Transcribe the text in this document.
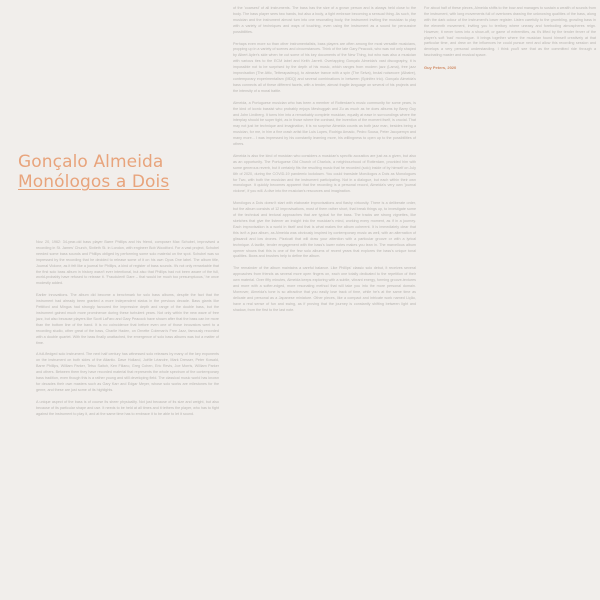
Gonçalo Almeida
Monólogos a Dois

Nov. 20, 1962: 34-year-old bass player Barre Phillips and his friend, composer Max Schubel, improvised a recording in St. James' Church, Sixtieth St. in London, with engineer Bob Woodford. For a vast project, Schubel needed some bass sounds and Phillips obliged by performing some solo material on the spot. Schubel was so impressed by the recording that he decided to release some of it on his own Opus One label. The album title, Journal Violone, as it felt like a journal for Phillips, a kind of register of bass sounds. It's not only remarkable that the first solo bass album in history wasn't ever intentional, but also that Phillips had not been aware of the full, world-probably have refused to release it. 'Fraudulent! Dare – that would be much too presumptuous,' he once modestly added.

Earlier innovations. The album did become a benchmark for solo bass albums, despite the fact that the instrument had already been granted a more independent status in the previous decade. Bass giants like Pettiford and Mingus had strongly favoured the impressive depth and range of the double bass, but the instrument gained much more prominence during these turbulent years. Not only within the new wave of free jazz, but also because players like Scott LaFaro and Gary Peacock have shown after that the bass can be more than the bottom line of the band. It is no coincidence that before even one of those innovators went to a recording studio, other great of the bass, Charlie Haden, on Ornette Coleman's Free Jazz, famously recorded with a double quartet. With the bass finally unattached, the emergence of solo bass albums was but a matter of time.

A full-fledged solo instrument. The next half century has witnessed solo releases by many of the key exponents on the instrument on both sides of the Atlantic. Dave Holland, Joëlle Léandre, Mark Dresser, Peter Kowald, Barre Phillips, William Parker, Tetsu Saitoh, Ken Filiano, Greg Cohen, Eric Revis, Joe Morris, William Parker and others. Between them they have recorded material that represents the whole spectrum of the contemporary bass tradition, even though this is a rather young and still developing field. The classical music world has known for decades their own masters such as Gary Karr and Edgar Meyer, whose solo works are milestones for the genre, and these are just some of its highlights.

A unique aspect of the bass is of course its sheer physicality. Not just because of its size and weight, but also because of its particular shape and use. It needs to be held at all times and it tethers the player, who has to fight against the instrument to play it, and at the same time has to embrace it to be able to let it sound.

of the 'coarsest' of all instruments. The bass has the size of a grown person and is always held close to the body. The bass player sees two hands, but also a body, a tight embrace becoming a sensual thing. As such, the musician and the instrument almost turn into one resonating body, the instrument inviting the musician to play with a variety of techniques and ways of touching, even using the instrument as a sound for percussive possibilities.

Perhaps even more so than other instrumentalists, bass players are often among the most versatile musicians, propping up in a variety of scenes and circumstances. Think of the late Gary Peacock, who was not only shaped by Albert Ayler's side when he cut some of his key documents of the New Thing, but who was also a musician with various ties to the ECM label and Keith Jarrett. Overlapping Gonçalo Almeida's vast discography, it is impossible not to be surprised by the depth of his music, which ranges from modern jazz (Lama), free jazz improvisation (The Attic, Tetterapadequ), to abrasive trance with a spin (The Selva), brutal noisecore (Albatre), contemporary experimentalism (MDQ) and several combinations in between (Spinifex trio). Gonçalo Almeida's bass connects all of these different facets, with a tender, almost fragile language on several of his projects and the intensity of a moral battle.

Almeida, a Portuguese musician who has been a member of Rotterdam's music community for some years, is the kind of iconic bassist who probably enjoys Meshuggah and Zu as much as he does albums by Barry Guy and John Lindberg. It turns him into a remarkably complete musician, equally at ease in surroundings where the interplay should be super tight, as in those where the contrast, the invention of the moment itself, is crucial. That may not just be technique and imagination, it is no surprise Almeida counts as both jazz man, besides being a musician, for me, in him a fine crash artist like Luis Lopes, Rodrigo Amado, Pedro Sousa, Peter Jacquemyn and many more... I was impressed by his constantly learning more, his willingness to open up to the possibilities of others.

Almeida is also the kind of musician who considers a musician's specific acoustics are just as a given, but also as an opportunity. The Portuguese Old Church of Charlois, a neighbourhood of Rotterdam, provided him with some generous reverb, but it certainly fits the resulting music that he recorded (solo) inside of by himself on July 6th of 2020, during the COVID-19 pandemic lockdown. You could translate Monólogos a Dois as Monologues for Two, with both the musician and the instrument participating. Not in a dialogue, but each within their own monologue. It quickly becomes apparent that the recording is a personal record, Almeida's very own 'journal violone', if you will. A dive into the musician's resources and imagination.

Monólogos a Dois doesn't start with elaborate improvisations and flashy virtuosity. There is a deliberate order, but the album consists of 12 improvisations, most of them rather short, that break things up, to investigate some of the technical and textural approaches that are typical for the bass. The tracks are strong vignettes, like sketches that give the listener an insight into the musician's mind, working every moment, as if in a journey. Each improvisation is a world in itself and that is what makes the album coherent. It is immediately clear that this isn't a jazz album, as Almeida was obviously inspired by contemporary music as well, with an alternation of glissandi and low drones. Pizzicati that will draw your attention with a particular groove or with a lyrical technique. A tactile, tender engagement with the bass's lower notes makes you lean in. The marvellous album opener shows that this is one of the few solo albums of recent years that explores the bass's unique tonal qualities. Bows and brushes help to define the album.

The remainder of the album maintains a careful balance. Like Phillips' classic solo debut, it receives several approaches from friends as several more open fingers on, each one totally dedicated to the repetition of their own material. Over fifty minutes, Almeida keeps exploring with a subtle, vibrant energy, forming groove-textures and more with a softer-edged, more resonating method that will take you into the more personal domain. Moreover, Almeida's tone is so attractive that you easily lose track of time, while he's at the same time as delicate and personal as a Japanese miniature. Other pieces, like a compact and intricate work named Lição, have a real sense of fun and swing, as if proving that the journey is constantly shifting between light and shadow, from the first to the last note.

For about half of these pieces, Almeida shifts to the bow and manages to sustain a wealth of sounds from the instrument, with long movements full of overtones drawing the unknowing qualities of the bass, along with the dark colour of the instrument's lower register. Listen carefully to the grumbling, growling bass in the eleventh movement, inviting you to territory where uneasy and foreboding atmospheres reign. However, it never turns into a show-off, or game of extremities, as it's lifted by the tender ferver of the player's soft 'bad' monologue. It brings together where the musician found himself creatively at that particular time, and drew on the influences he could pursue next and allow this recording session and develops a very personal understanding. I think you'll see that as the committed ride through a fascinating master and musical space.

Guy Peters, 2020
